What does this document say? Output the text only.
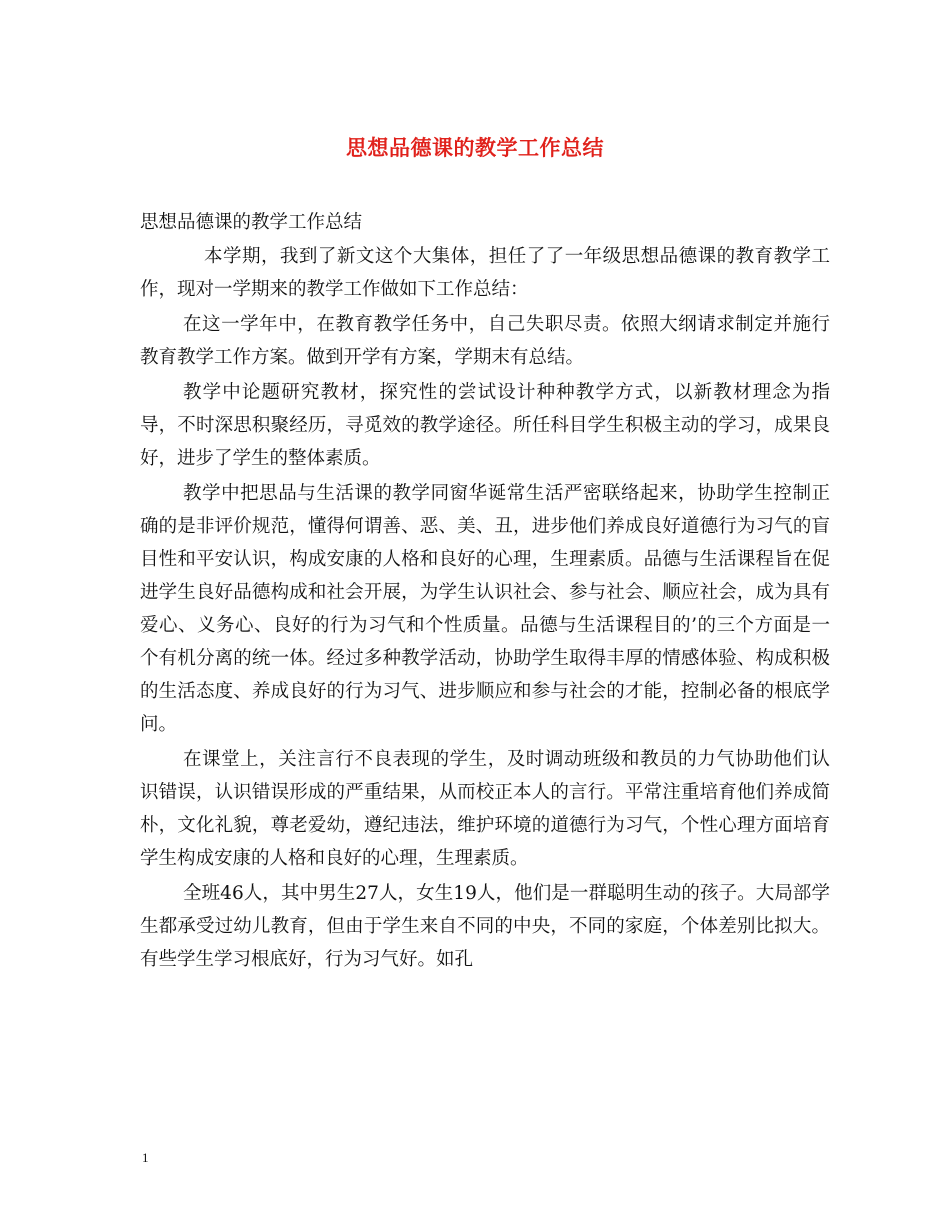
思想品德课的教学工作总结
思想品德课的教学工作总结

本学期，我到了新文这个大集体，担任了了一年级思想品德课的教育教学工作，现对一学期来的教学工作做如下工作总结：

在这一学年中，在教育教学任务中，自己失职尽责。依照大纲请求制定并施行教育教学工作方案。做到开学有方案，学期末有总结。

教学中论题研究教材，探究性的尝试设计种种教学方式，以新教材理念为指导，不时深思积聚经历，寻觅效的教学途径。所任科目学生积极主动的学习，成果良好，进步了学生的整体素质。

教学中把思品与生活课的教学同窗华诞常生活严密联络起来，协助学生控制正确的是非评价规范，懂得何谓善、恶、美、丑，进步他们养成良好道德行为习气的盲目性和平安认识，构成安康的人格和良好的心理，生理素质。品德与生活课程旨在促进学生良好品德构成和社会开展，为学生认识社会、参与社会、顺应社会，成为具有爱心、义务心、良好的行为习气和个性质量。品德与生活课程目的’的三个方面是一个有机分离的统一体。经过多种教学活动，协助学生取得丰厚的情感体验、构成积极的生活态度、养成良好的行为习气、进步顺应和参与社会的才能，控制必备的根底学问。

在课堂上，关注言行不良表现的学生，及时调动班级和教员的力气协助他们认识错误，认识错误形成的严重结果，从而校正本人的言行。平常注重培育他们养成简朴，文化礼貌，尊老爱幼，遵纪违法，维护环境的道德行为习气，个性心理方面培育学生构成安康的人格和良好的心理，生理素质。

全班46人，其中男生27人，女生19人，他们是一群聪明生动的孩子。大局部学生都承受过幼儿教育，但由于学生来自不同的中央，不同的家庭，个体差别比拟大。有些学生学习根底好，行为习气好。如孔

1
